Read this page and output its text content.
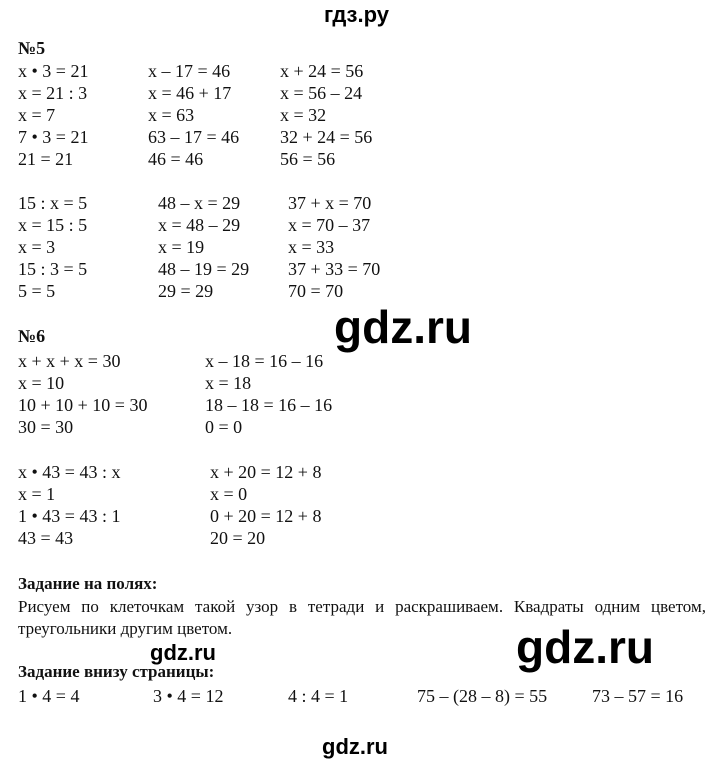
гдз.ру
№5
x • 3 = 21
x = 21 : 3
x = 7
7 • 3 = 21
21 = 21
x – 17 = 46
x = 46 + 17
x = 63
63 – 17 = 46
46 = 46
x + 24 = 56
x = 56 – 24
x = 32
32 + 24 = 56
56 = 56
15 : x = 5
x = 15 : 5
x = 3
15 : 3 = 5
5 = 5
48 – x = 29
x = 48 – 29
x = 19
48 – 19 = 29
29 = 29
37 + x = 70
x = 70 – 37
x = 33
37 + 33 = 70
70 = 70
gdz.ru
№6
x + x + x = 30
x = 10
10 + 10 + 10 = 30
30 = 30
x – 18 = 16 – 16
x = 18
18 – 18 = 16 – 16
0 = 0
x • 43 = 43 : x
x = 1
1 • 43 = 43 : 1
43 = 43
x + 20 = 12 + 8
x = 0
0 + 20 = 12 + 8
20 = 20
Задание на полях:
Рисуем по клеточкам такой узор в тетради и раскрашиваем. Квадраты одним цветом, треугольники другим цветом.	gdz.ru
gdz.ru
Задание внизу страницы:
1 • 4 = 4	3 • 4 = 12	4 : 4 = 1	75 – (28 – 8) = 55 73 – 57 = 16
gdz.ru
